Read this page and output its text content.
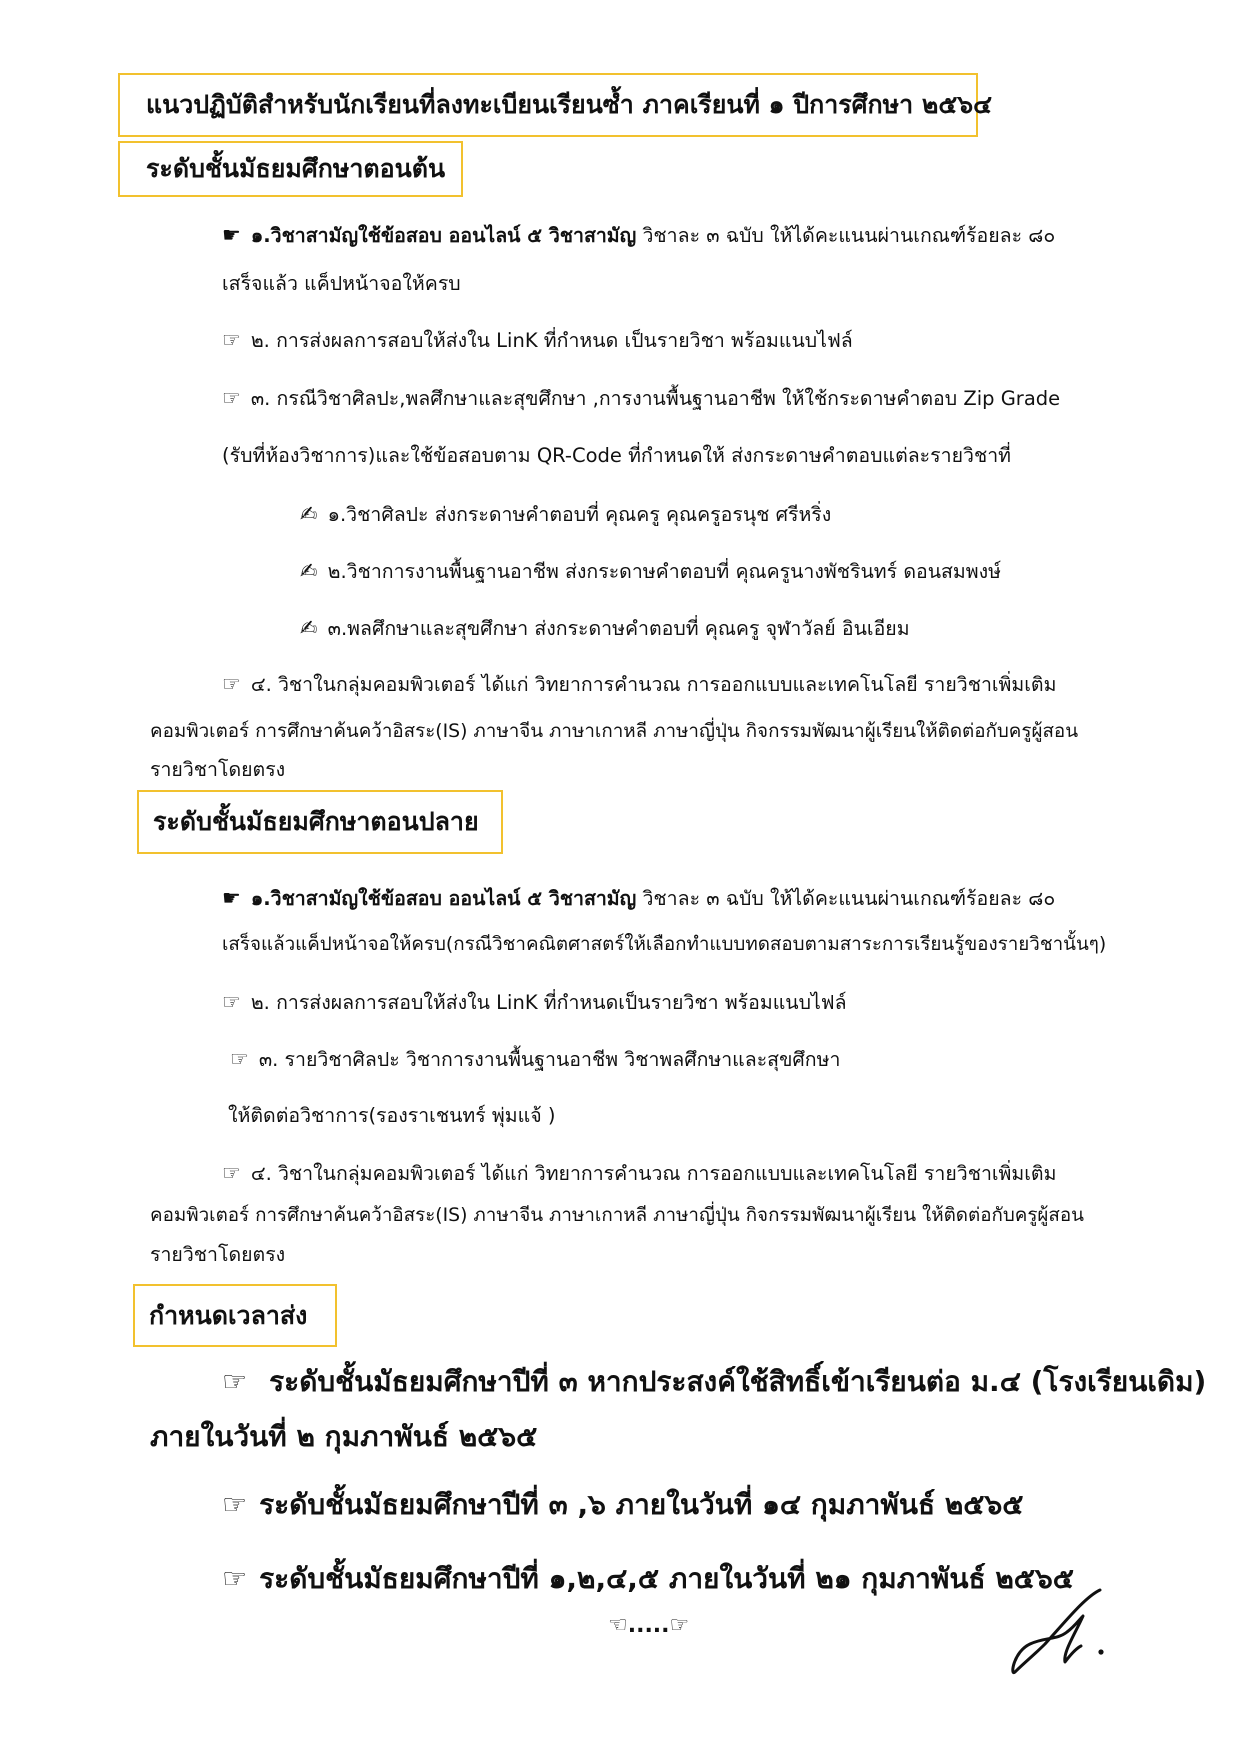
แนวปฏิบัติสำหรับนักเรียนที่ลงทะเบียนเรียนซ้ำ ภาคเรียนที่ ๑ ปีการศึกษา ๒๕๖๔
ระดับชั้นมัธยมศึกษาตอนต้น
☛ ๑.วิชาสามัญใช้ข้อสอบ ออนไลน์ ๕ วิชาสามัญ วิชาละ ๓ ฉบับ ให้ได้คะแนนผ่านเกณฑ์ร้อยละ ๘๐
เสร็จแล้ว แค็ปหน้าจอให้ครบ
☞ ๒. การส่งผลการสอบให้ส่งใน LinK ที่กำหนด เป็นรายวิชา พร้อมแนบไฟล์
☞ ๓. กรณีวิชาศิลปะ,พลศึกษาและสุขศึกษา ,การงานพื้นฐานอาชีพ ให้ใช้กระดาษคำตอบ Zip Grade
(รับที่ห้องวิชาการ)และใช้ข้อสอบตาม QR-Code ที่กำหนดให้ ส่งกระดาษคำตอบแต่ละรายวิชาที่
✍ ๑.วิชาศิลปะ ส่งกระดาษคำตอบที่ คุณครู คุณครูอรนุช ศรีหริ่ง
✍ ๒.วิชาการงานพื้นฐานอาชีพ ส่งกระดาษคำตอบที่ คุณครูนางพัชรินทร์ ดอนสมพงษ์
✍ ๓.พลศึกษาและสุขศึกษา ส่งกระดาษคำตอบที่ คุณครู จุฬาวัลย์ อินเอียม
☞ ๔. วิชาในกลุ่มคอมพิวเตอร์ ได้แก่ วิทยาการคำนวณ การออกแบบและเทคโนโลยี รายวิชาเพิ่มเติม
คอมพิวเตอร์ การศึกษาค้นคว้าอิสระ(IS) ภาษาจีน ภาษาเกาหลี ภาษาญี่ปุ่น กิจกรรมพัฒนาผู้เรียนให้ติดต่อกับครูผู้สอน
รายวิชาโดยตรง
ระดับชั้นมัธยมศึกษาตอนปลาย
☛ ๑.วิชาสามัญใช้ข้อสอบ ออนไลน์ ๕ วิชาสามัญ วิชาละ ๓ ฉบับ ให้ได้คะแนนผ่านเกณฑ์ร้อยละ ๘๐
เสร็จแล้วแค็ปหน้าจอให้ครบ(กรณีวิชาคณิตศาสตร์ให้เลือกทำแบบทดสอบตามสาระการเรียนรู้ของรายวิชานั้นๆ)
☞ ๒. การส่งผลการสอบให้ส่งใน LinK ที่กำหนดเป็นรายวิชา พร้อมแนบไฟล์
☞ ๓. รายวิชาศิลปะ วิชาการงานพื้นฐานอาชีพ วิชาพลศึกษาและสุขศึกษา
ให้ติดต่อวิชาการ(รองราเชนทร์ พุ่มแจ้ )
☞ ๔. วิชาในกลุ่มคอมพิวเตอร์ ได้แก่ วิทยาการคำนวณ การออกแบบและเทคโนโลยี รายวิชาเพิ่มเติม
คอมพิวเตอร์ การศึกษาค้นคว้าอิสระ(IS) ภาษาจีน ภาษาเกาหลี ภาษาญี่ปุ่น กิจกรรมพัฒนาผู้เรียน ให้ติดต่อกับครูผู้สอน
รายวิชาโดยตรง
กำหนดเวลาส่ง
☞ ระดับชั้นมัธยมศึกษาปีที่ ๓ หากประสงค์ใช้สิทธิ์เข้าเรียนต่อ ม.๔ (โรงเรียนเดิม)
ภายในวันที่ ๒ กุมภาพันธ์ ๒๕๖๕
☞ ระดับชั้นมัธยมศึกษาปีที่ ๓ ,๖ ภายในวันที่ ๑๔ กุมภาพันธ์ ๒๕๖๕
☞ ระดับชั้นมัธยมศึกษาปีที่ ๑,๒,๔,๕ ภายในวันที่ ๒๑ กุมภาพันธ์ ๒๕๖๕
☜.....☞
